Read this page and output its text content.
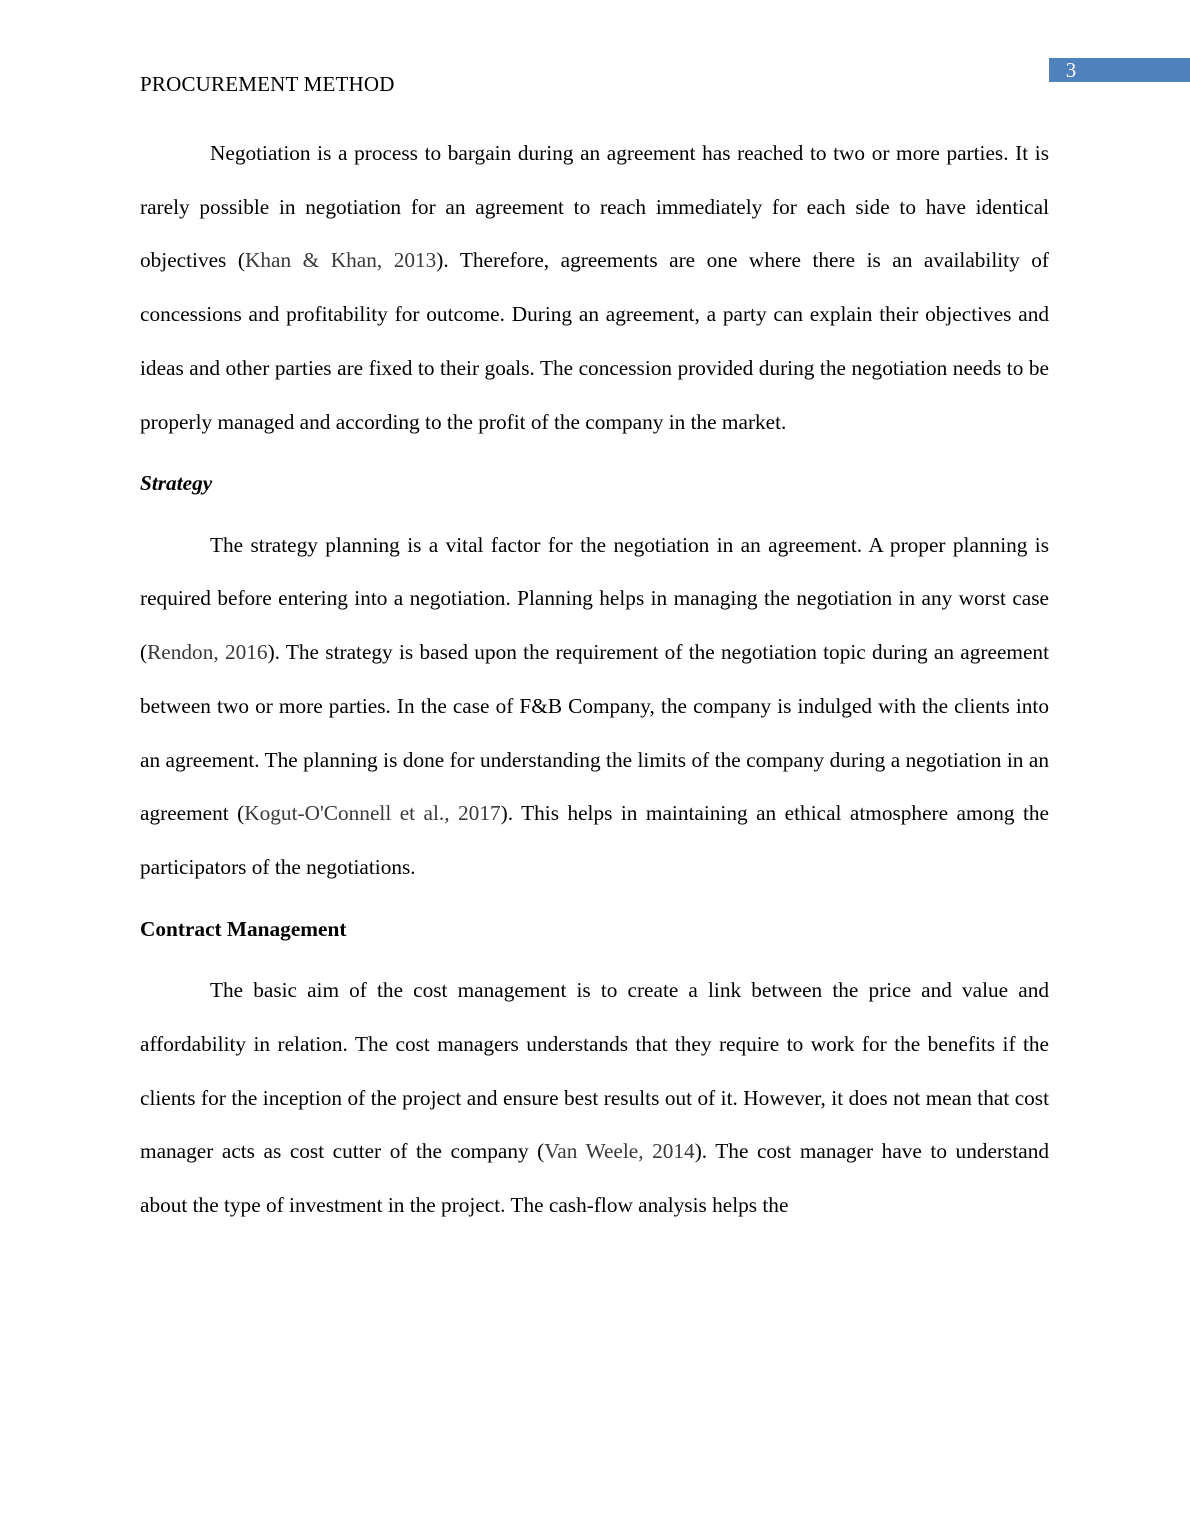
3
PROCUREMENT METHOD

Negotiation is a process to bargain during an agreement has reached to two or more parties. It is rarely possible in negotiation for an agreement to reach immediately for each side to have identical objectives (Khan & Khan, 2013). Therefore, agreements are one where there is an availability of concessions and profitability for outcome. During an agreement, a party can explain their objectives and ideas and other parties are fixed to their goals. The concession provided during the negotiation needs to be properly managed and according to the profit of the company in the market.

Strategy

The strategy planning is a vital factor for the negotiation in an agreement. A proper planning is required before entering into a negotiation. Planning helps in managing the negotiation in any worst case (Rendon, 2016). The strategy is based upon the requirement of the negotiation topic during an agreement between two or more parties. In the case of F&B Company, the company is indulged with the clients into an agreement. The planning is done for understanding the limits of the company during a negotiation in an agreement (Kogut-O'Connell et al., 2017). This helps in maintaining an ethical atmosphere among the participators of the negotiations.

Contract Management

The basic aim of the cost management is to create a link between the price and value and affordability in relation. The cost managers understands that they require to work for the benefits if the clients for the inception of the project and ensure best results out of it. However, it does not mean that cost manager acts as cost cutter of the company (Van Weele, 2014). The cost manager have to understand about the type of investment in the project. The cash-flow analysis helps the
